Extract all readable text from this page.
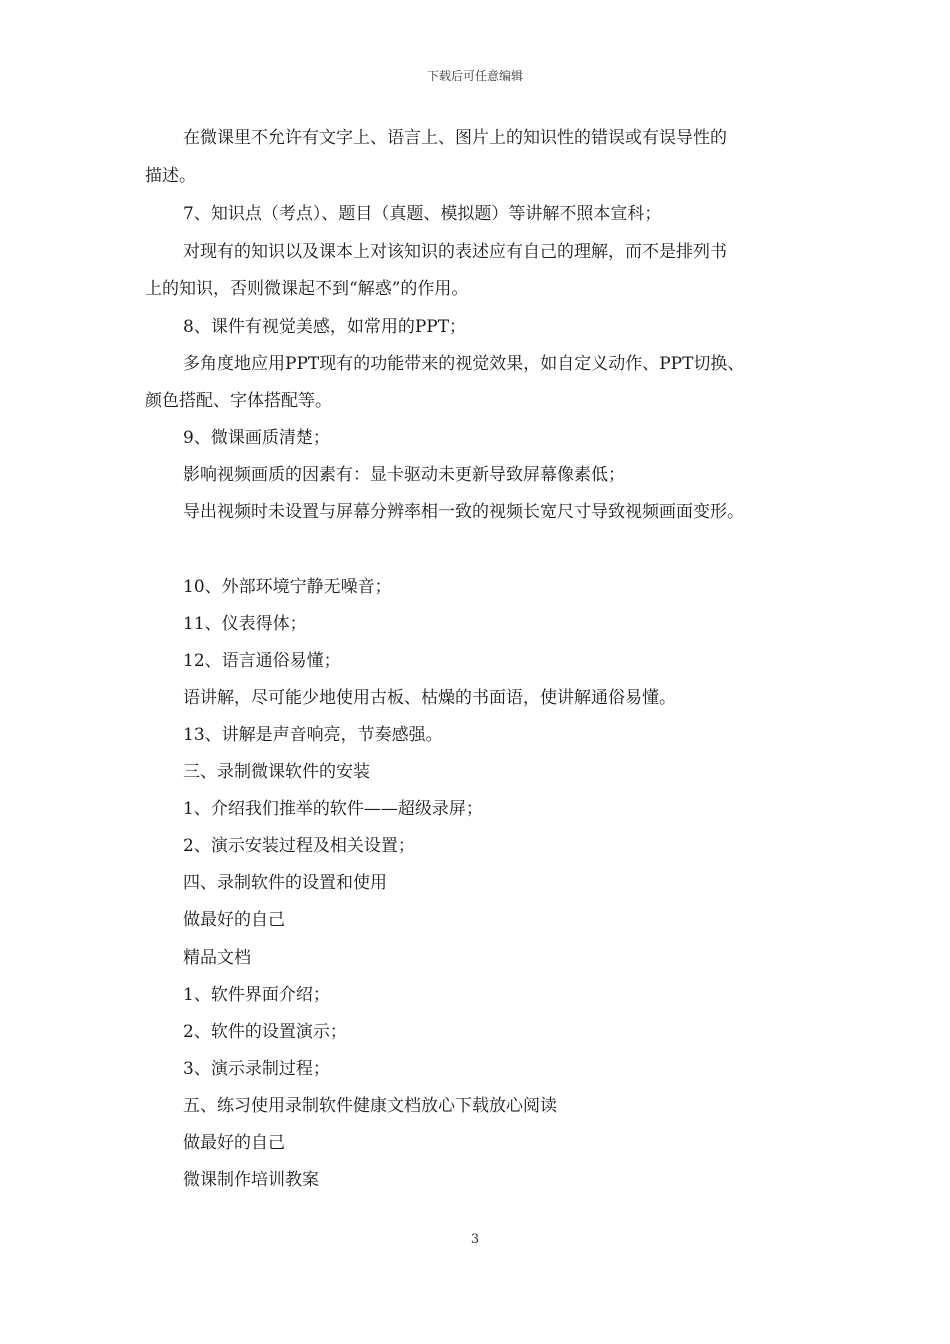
下载后可任意编辑
在微课里不允许有文字上、语言上、图片上的知识性的错误或有误导性的
描述。
7、知识点（考点）、题目（真题、模拟题）等讲解不照本宣科；
对现有的知识以及课本上对该知识的表述应有自己的理解，而不是排列书
上的知识，否则微课起不到“解惑”的作用。
8、课件有视觉美感，如常用的PPT；
多角度地应用PPT现有的功能带来的视觉效果，如自定义动作、PPT切换、
颜色搭配、字体搭配等。
9、微课画质清楚；
影响视频画质的因素有：显卡驱动未更新导致屏幕像素低；
导出视频时未设置与屏幕分辨率相一致的视频长宽尺寸导致视频画面变形。
10、外部环境宁静无噪音；
11、仪表得体；
12、语言通俗易懂；
语讲解，尽可能少地使用古板、枯燥的书面语，使讲解通俗易懂。
13、讲解是声音响亮，节奏感强。
三、录制微课软件的安装
1、介绍我们推举的软件——超级录屏；
2、演示安装过程及相关设置；
四、录制软件的设置和使用
做最好的自己
精品文档
1、软件界面介绍；
2、软件的设置演示；
3、演示录制过程；
五、练习使用录制软件健康文档放心下载放心阅读
做最好的自己
微课制作培训教案
3
